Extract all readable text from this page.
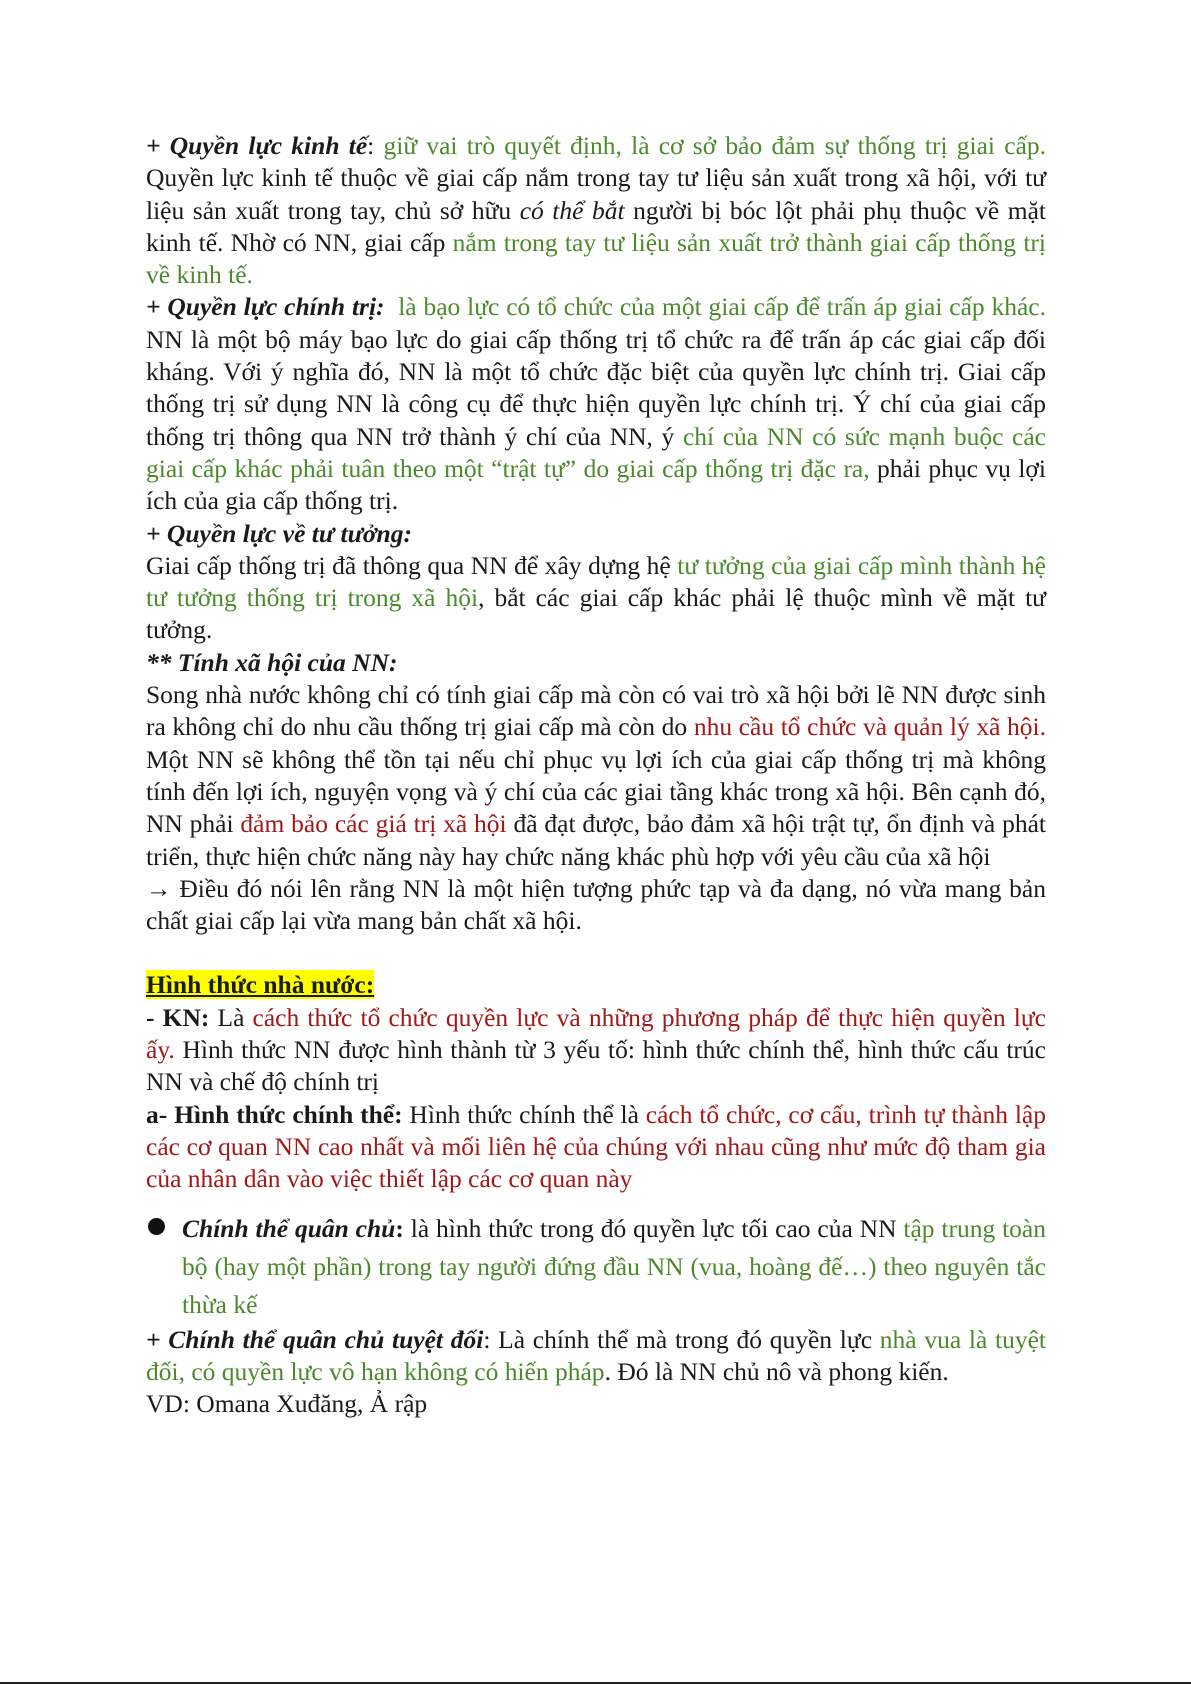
+ Quyền lực kinh tế: giữ vai trò quyết định, là cơ sở bảo đảm sự thống trị giai cấp. Quyền lực kinh tế thuộc về giai cấp nắm trong tay tư liệu sản xuất trong xã hội, với tư liệu sản xuất trong tay, chủ sở hữu có thể bắt người bị bóc lột phải phụ thuộc về mặt kinh tế. Nhờ có NN, giai cấp nắm trong tay tư liệu sản xuất trở thành giai cấp thống trị về kinh tế.

+ Quyền lực chính trị: là bạo lực có tổ chức của một giai cấp để trấn áp giai cấp khác. NN là một bộ máy bạo lực do giai cấp thống trị tổ chức ra để trấn áp các giai cấp đối kháng. Với ý nghĩa đó, NN là một tổ chức đặc biệt của quyền lực chính trị. Giai cấp thống trị sử dụng NN là công cụ để thực hiện quyền lực chính trị. Ý chí của giai cấp thống trị thông qua NN trở thành ý chí của NN, ý chí của NN có sức mạnh buộc các giai cấp khác phải tuân theo một “trật tự” do giai cấp thống trị đặc ra, phải phục vụ lợi ích của gia cấp thống trị.

+ Quyền lực về tư tưởng:

Giai cấp thống trị đã thông qua NN để xây dựng hệ tư tưởng của giai cấp mình thành hệ tư tưởng thống trị trong xã hội, bắt các giai cấp khác phải lệ thuộc mình về mặt tư tưởng.

** Tính xã hội của NN:

Song nhà nước không chỉ có tính giai cấp mà còn có vai trò xã hội bởi lẽ NN được sinh ra không chỉ do nhu cầu thống trị giai cấp mà còn do nhu cầu tổ chức và quản lý xã hội. Một NN sẽ không thể tồn tại nếu chỉ phục vụ lợi ích của giai cấp thống trị mà không tính đến lợi ích, nguyện vọng và ý chí của các giai tầng khác trong xã hội. Bên cạnh đó, NN phải đảm bảo các giá trị xã hội đã đạt được, bảo đảm xã hội trật tự, ổn định và phát triển, thực hiện chức năng này hay chức năng khác phù hợp với yêu cầu của xã hội

→ Điều đó nói lên rằng NN là một hiện tượng phức tạp và đa dạng, nó vừa mang bản chất giai cấp lại vừa mang bản chất xã hội.

Hình thức nhà nước:

- KN: Là cách thức tổ chức quyền lực và những phương pháp để thực hiện quyền lực ấy. Hình thức NN được hình thành từ 3 yếu tố: hình thức chính thể, hình thức cấu trúc NN và chế độ chính trị

a- Hình thức chính thể: Hình thức chính thể là cách tổ chức, cơ cấu, trình tự thành lập các cơ quan NN cao nhất và mối liên hệ của chúng với nhau cũng như mức độ tham gia của nhân dân vào việc thiết lập các cơ quan này

Chính thể quân chủ: là hình thức trong đó quyền lực tối cao của NN tập trung toàn bộ (hay một phần) trong tay người đứng đầu NN (vua, hoàng đế…) theo nguyên tắc thừa kế

+ Chính thể quân chủ tuyệt đối: Là chính thể mà trong đó quyền lực nhà vua là tuyệt đối, có quyền lực vô hạn không có hiến pháp. Đó là NN chủ nô và phong kiến.

VD: Omana Xuđăng, Ả rập
